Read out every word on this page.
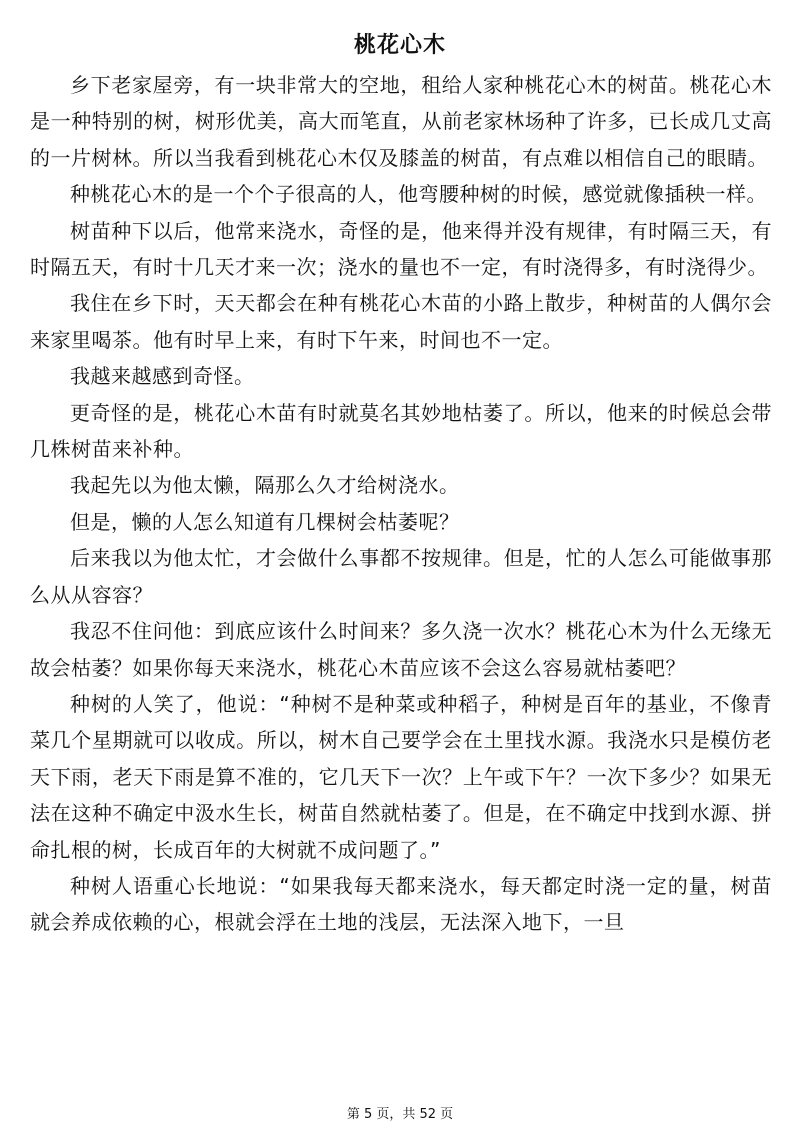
桃花心木

乡下老家屋旁，有一块非常大的空地，租给人家种桃花心木的树苗。桃花心木是一种特别的树，树形优美，高大而笔直，从前老家林场种了许多，已长成几丈高的一片树林。所以当我看到桃花心木仅及膝盖的树苗，有点难以相信自己的眼睛。

种桃花心木的是一个个子很高的人，他弯腰种树的时候，感觉就像插秧一样。

树苗种下以后，他常来浇水，奇怪的是，他来得并没有规律，有时隔三天，有时隔五天，有时十几天才来一次；浇水的量也不一定，有时浇得多，有时浇得少。

我住在乡下时，天天都会在种有桃花心木苗的小路上散步，种树苗的人偶尔会来家里喝茶。他有时早上来，有时下午来，时间也不一定。

我越来越感到奇怪。

更奇怪的是，桃花心木苗有时就莫名其妙地枯萎了。所以，他来的时候总会带几株树苗来补种。

我起先以为他太懒，隔那么久才给树浇水。

但是，懒的人怎么知道有几棵树会枯萎呢？

后来我以为他太忙，才会做什么事都不按规律。但是，忙的人怎么可能做事那么从从容容？

我忍不住问他：到底应该什么时间来？多久浇一次水？桃花心木为什么无缘无故会枯萎？如果你每天来浇水，桃花心木苗应该不会这么容易就枯萎吧？

种树的人笑了，他说：“种树不是种菜或种稻子，种树是百年的基业，不像青菜几个星期就可以收成。所以，树木自己要学会在土里找水源。我浇水只是模仿老天下雨，老天下雨是算不准的，它几天下一次？上午或下午？一次下多少？如果无法在这种不确定中汲水生长，树苗自然就枯萎了。但是，在不确定中找到水源、拼命扎根的树，长成百年的大树就不成问题了。”

种树人语重心长地说：“如果我每天都来浇水，每天都定时浇一定的量，树苗就会养成依赖的心，根就会浮在土地的浅层，无法深入地下，一旦

第 5 页，共 52 页
